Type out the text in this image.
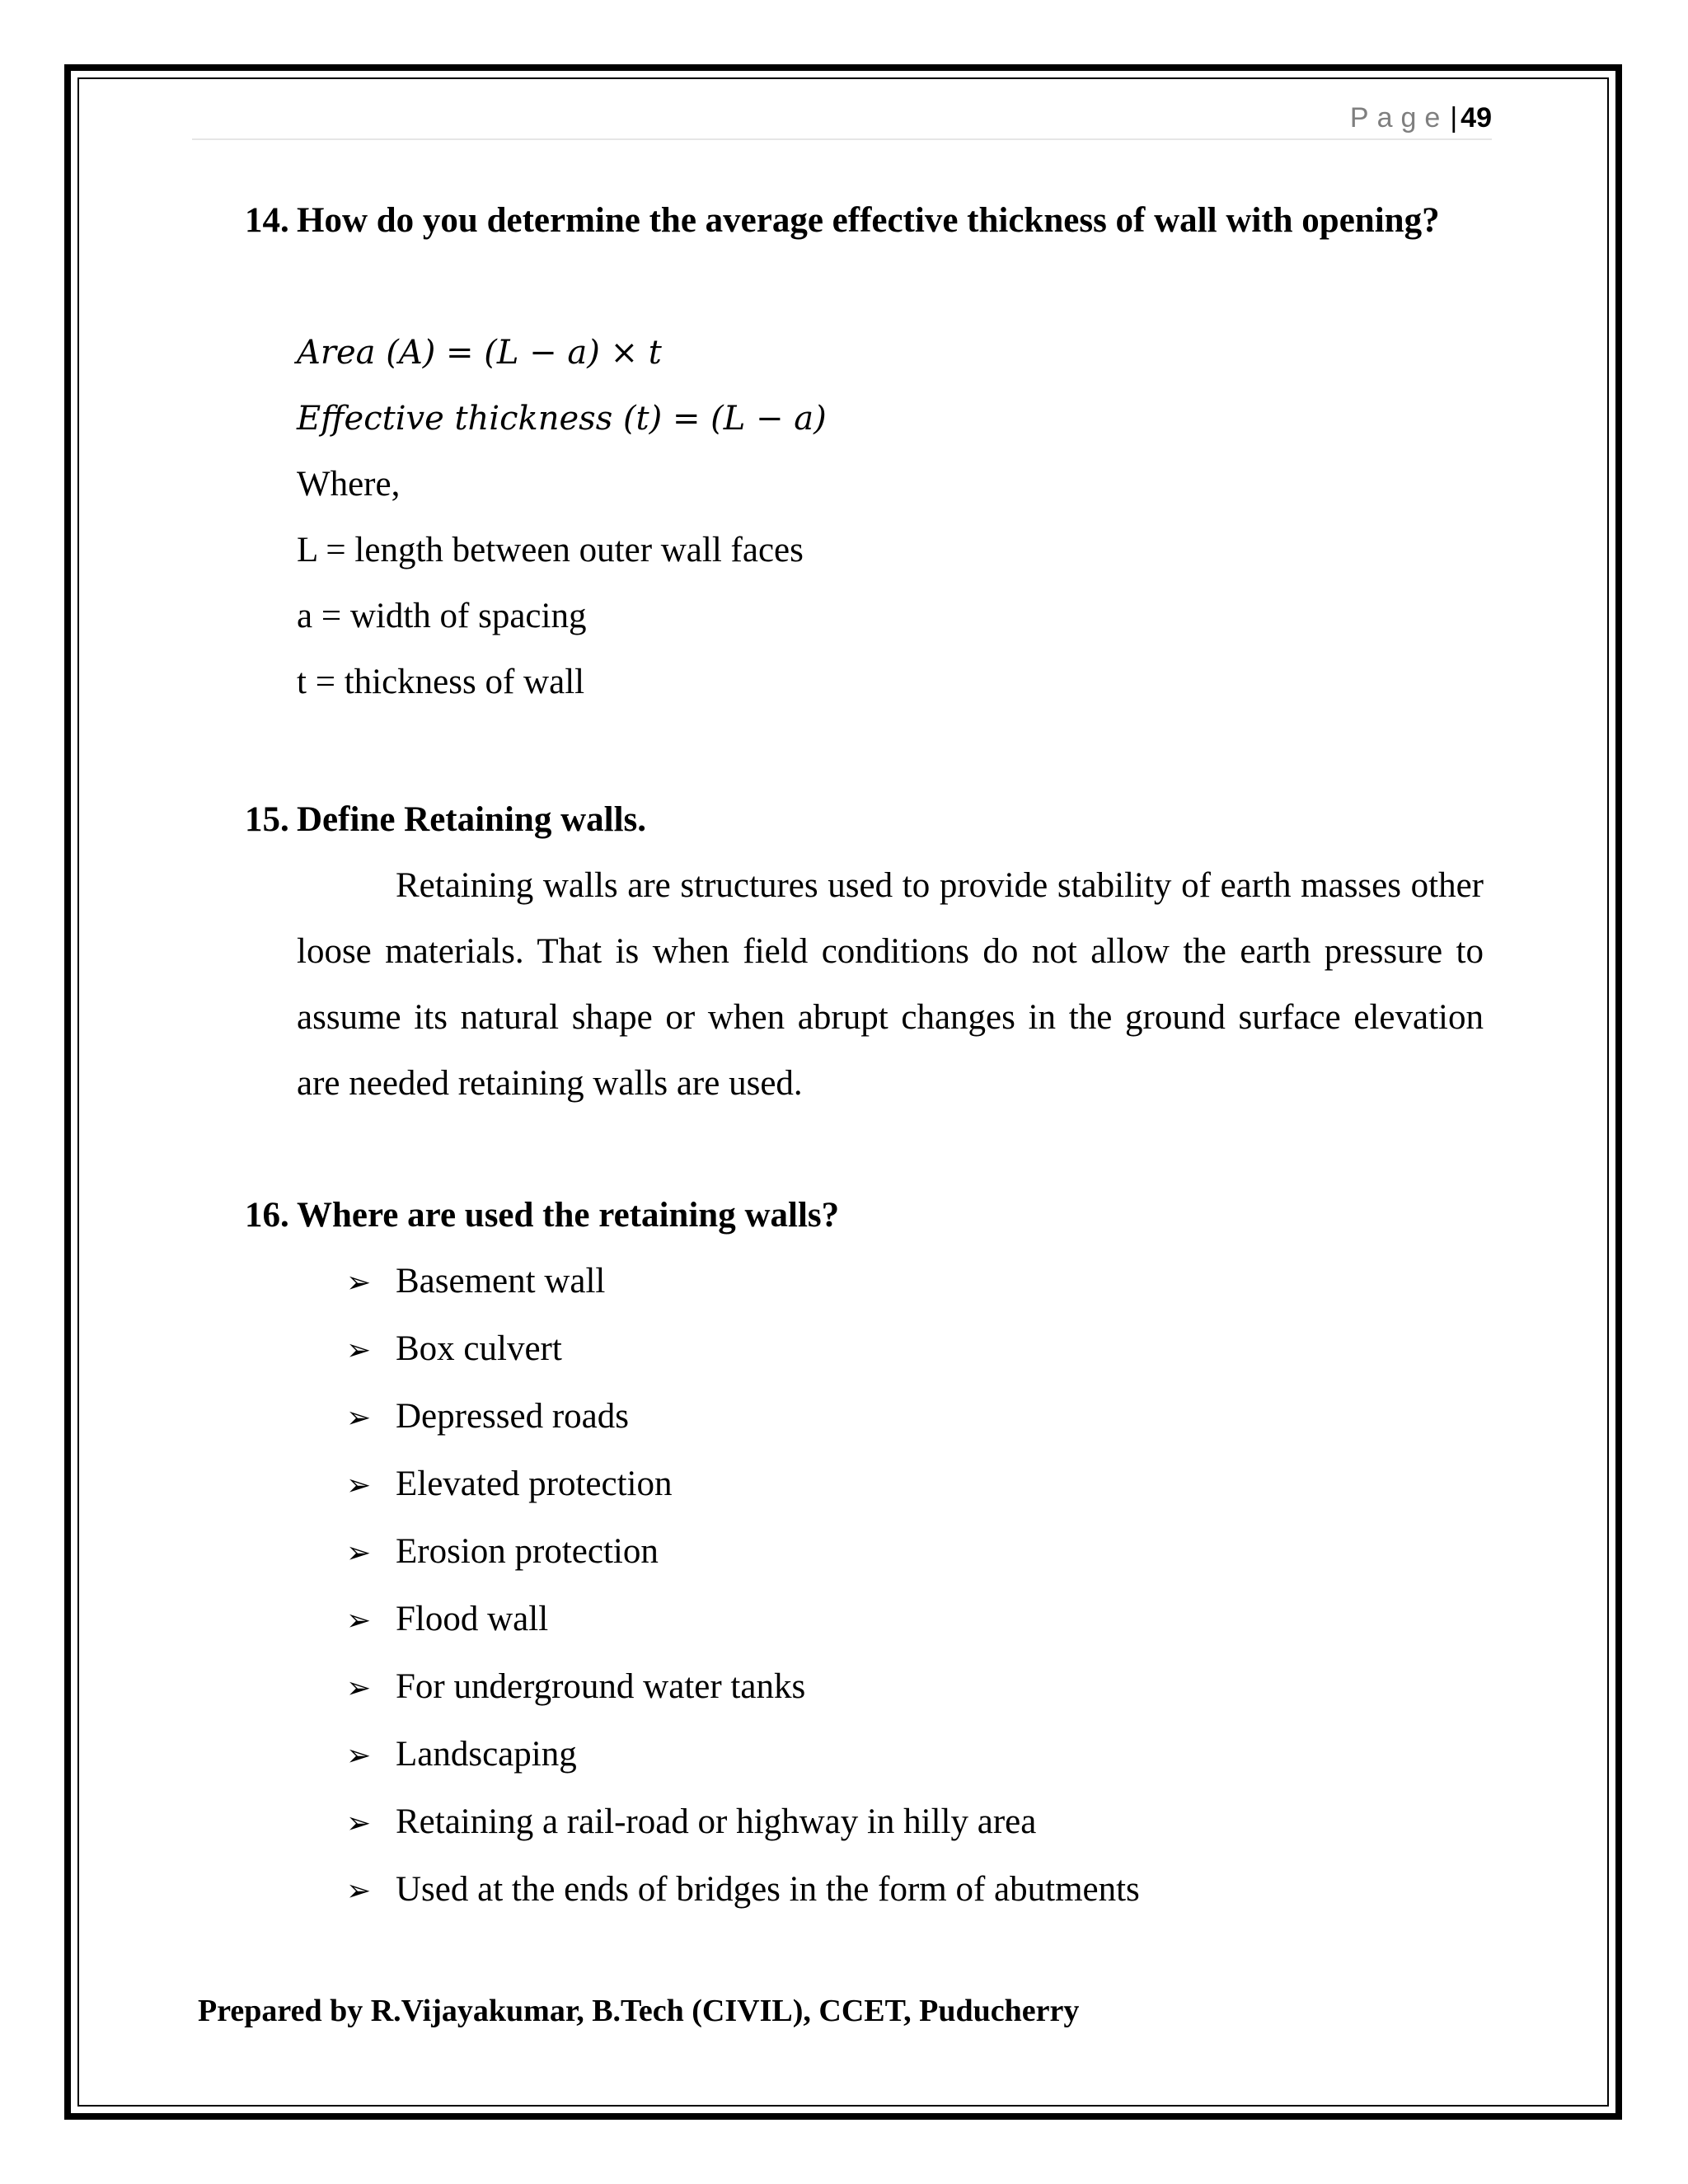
Page| 49
14. How do you determine the average effective thickness of wall with opening?
Area (A) = (L − a) × t
Effective thickness (t) = (L − a)
Where,
L = length between outer wall faces
a = width of spacing
t = thickness of wall
15. Define Retaining walls.

Retaining walls are structures used to provide stability of earth masses other loose materials. That is when field conditions do not allow the earth pressure to assume its natural shape or when abrupt changes in the ground surface elevation are needed retaining walls are used.

16. Where are used the retaining walls?
➢ Basement wall
➢ Box culvert
➢ Depressed roads
➢ Elevated protection
➢ Erosion protection
➢ Flood wall
➢ For underground water tanks
➢ Landscaping
➢ Retaining a rail-road or highway in hilly area
➢ Used at the ends of bridges in the form of abutments
Prepared by R.Vijayakumar, B.Tech (CIVIL), CCET, Puducherry
